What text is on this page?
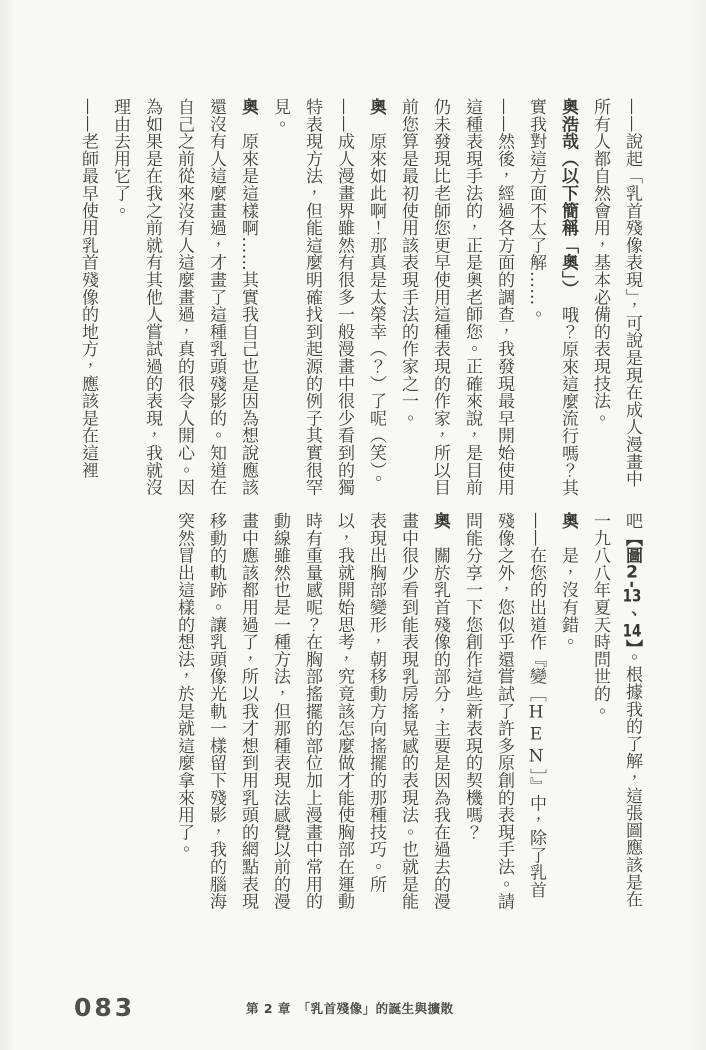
——說起「乳首殘像表現」，可說是現在成人漫畫中所有人都自然會用，基本必備的表現技法。

奧浩哉（以下簡稱「奧」）　哦？原來這麼流行嗎？其實我對這方面不太了解……。

——然後，經過各方面的調查，我發現最早開始使用這種表現手法的，正是奧老師您。正確來說，是目前仍未發現比老師您更早使用這種表現的作家，所以目前您算是最初使用該表現手法的作家之一。

奧　原來如此啊！那真是太榮幸（？）了呢（笑）。

——成人漫畫界雖然有很多一般漫畫中很少看到的獨特表現方法，但能這麼明確找到起源的例子其實很罕見。

奧　原來是這樣啊……其實我自己也是因為想說應該還沒有人這麼畫過，才畫了這種乳頭殘影的。知道在自己之前從來沒有人這麼畫過，真的很令人開心。因為如果是在我之前就有其他人嘗試過的表現，我就沒理由去用它了。

——老師最早使用乳首殘像的地方，應該是在這裡

吧【圖2-13、14】。根據我的了解，這張圖應該是在一九八八年夏天時問世的。

奧　是，沒有錯。

——在您的出道作『變［HEN］』中，除了乳首殘像之外，您似乎還嘗試了許多原創的表現手法。請問能分享一下您創作這些新表現的契機嗎？

奧　關於乳首殘像的部分，主要是因為我在過去的漫畫中很少看到能表現乳房搖晃感的表現法。也就是能表現出胸部變形，朝移動方向搖擺的那種技巧。所以，我就開始思考，究竟該怎麼做才能使胸部在運動時有重量感呢？在胸部搖擺的部位加上漫畫中常用的動線雖然也是一種方法，但那種表現法感覺以前的漫畫中應該都用過了，所以我才想到用乳頭的網點表現移動的軌跡。讓乳頭像光軌一樣留下殘影，我的腦海突然冒出這樣的想法，於是就這麼拿來用了。

083	第 2 章　「乳首殘像」的誕生與擴散
